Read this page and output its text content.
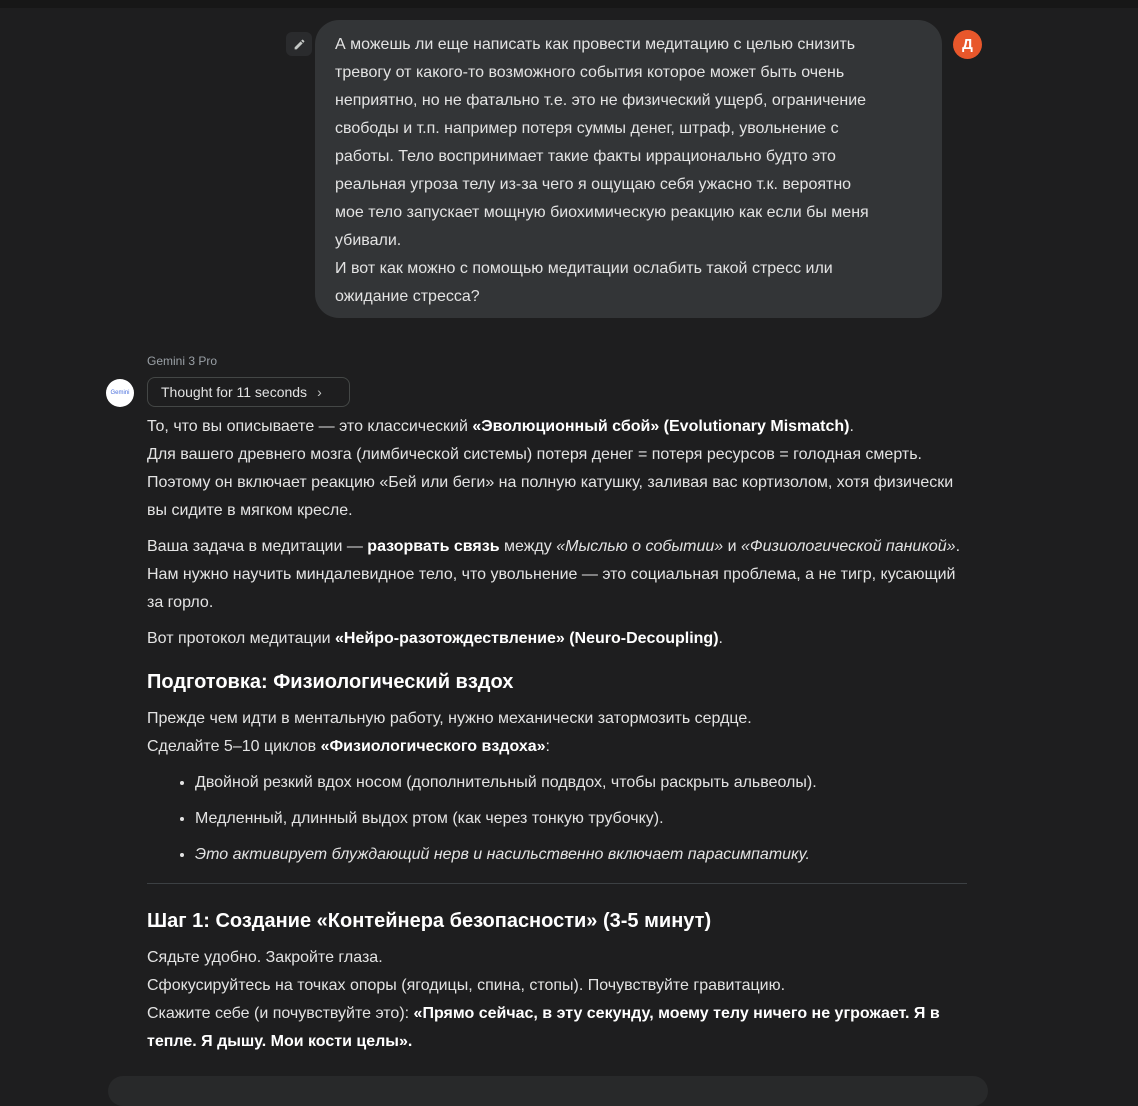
А можешь ли еще написать как провести медитацию с целью снизить

тревогу от какого-то возможного события которое может быть очень

неприятно, но не фатально т.е. это не физический ущерб, ограничение

свободы и т.п. например потеря суммы денег, штраф, увольнение с

работы. Тело воспринимает такие факты иррационально будто это

реальная угроза телу из-за чего я ощущаю себя ужасно т.к. вероятно

мое тело запускает мощную биохимическую реакцию как если бы меня

убивали.

И вот как можно с помощью медитации ослабить такой стресс или

ожидание стресса?

Д
Gemini 3 Pro
Gemini Thought for 11 seconds ›

То, что вы описываете — это классический «Эволюционный сбой» (Evolutionary Mismatch).
Для вашего древнего мозга (лимбической системы) потеря денег = потеря ресурсов = голодная смерть. Поэтому он включает реакцию «Бей или беги» на полную катушку, заливая вас кортизолом, хотя физически вы сидите в мягком кресле.

Ваша задача в медитации — разорвать связь между «Мыслью о событии» и «Физиологической паникой». Нам нужно научить миндалевидное тело, что увольнение — это социальная проблема, а не тигр, кусающий за горло.

Вот протокол медитации «Нейро-разотождествление» (Neuro-Decoupling).

Подготовка: Физиологический вздох

Прежде чем идти в ментальную работу, нужно механически затормозить сердце.
Сделайте 5–10 циклов «Физиологического вздоха»:

• Двойной резкий вдох носом (дополнительный подвдох, чтобы раскрыть альвеолы).
• Медленный, длинный выдох ртом (как через тонкую трубочку).
• Это активирует блуждающий нерв и насильственно включает парасимпатику.
Шаг 1: Создание «Контейнера безопасности» (3-5 минут)

Сядьте удобно. Закройте глаза.
Сфокусируйтесь на точках опоры (ягодицы, спина, стопы). Почувствуйте гравитацию.
Скажите себе (и почувствуйте это): «Прямо сейчас, в эту секунду, моему телу ничего не угрожает. Я в тепле. Я дышу. Мои кости целы».
